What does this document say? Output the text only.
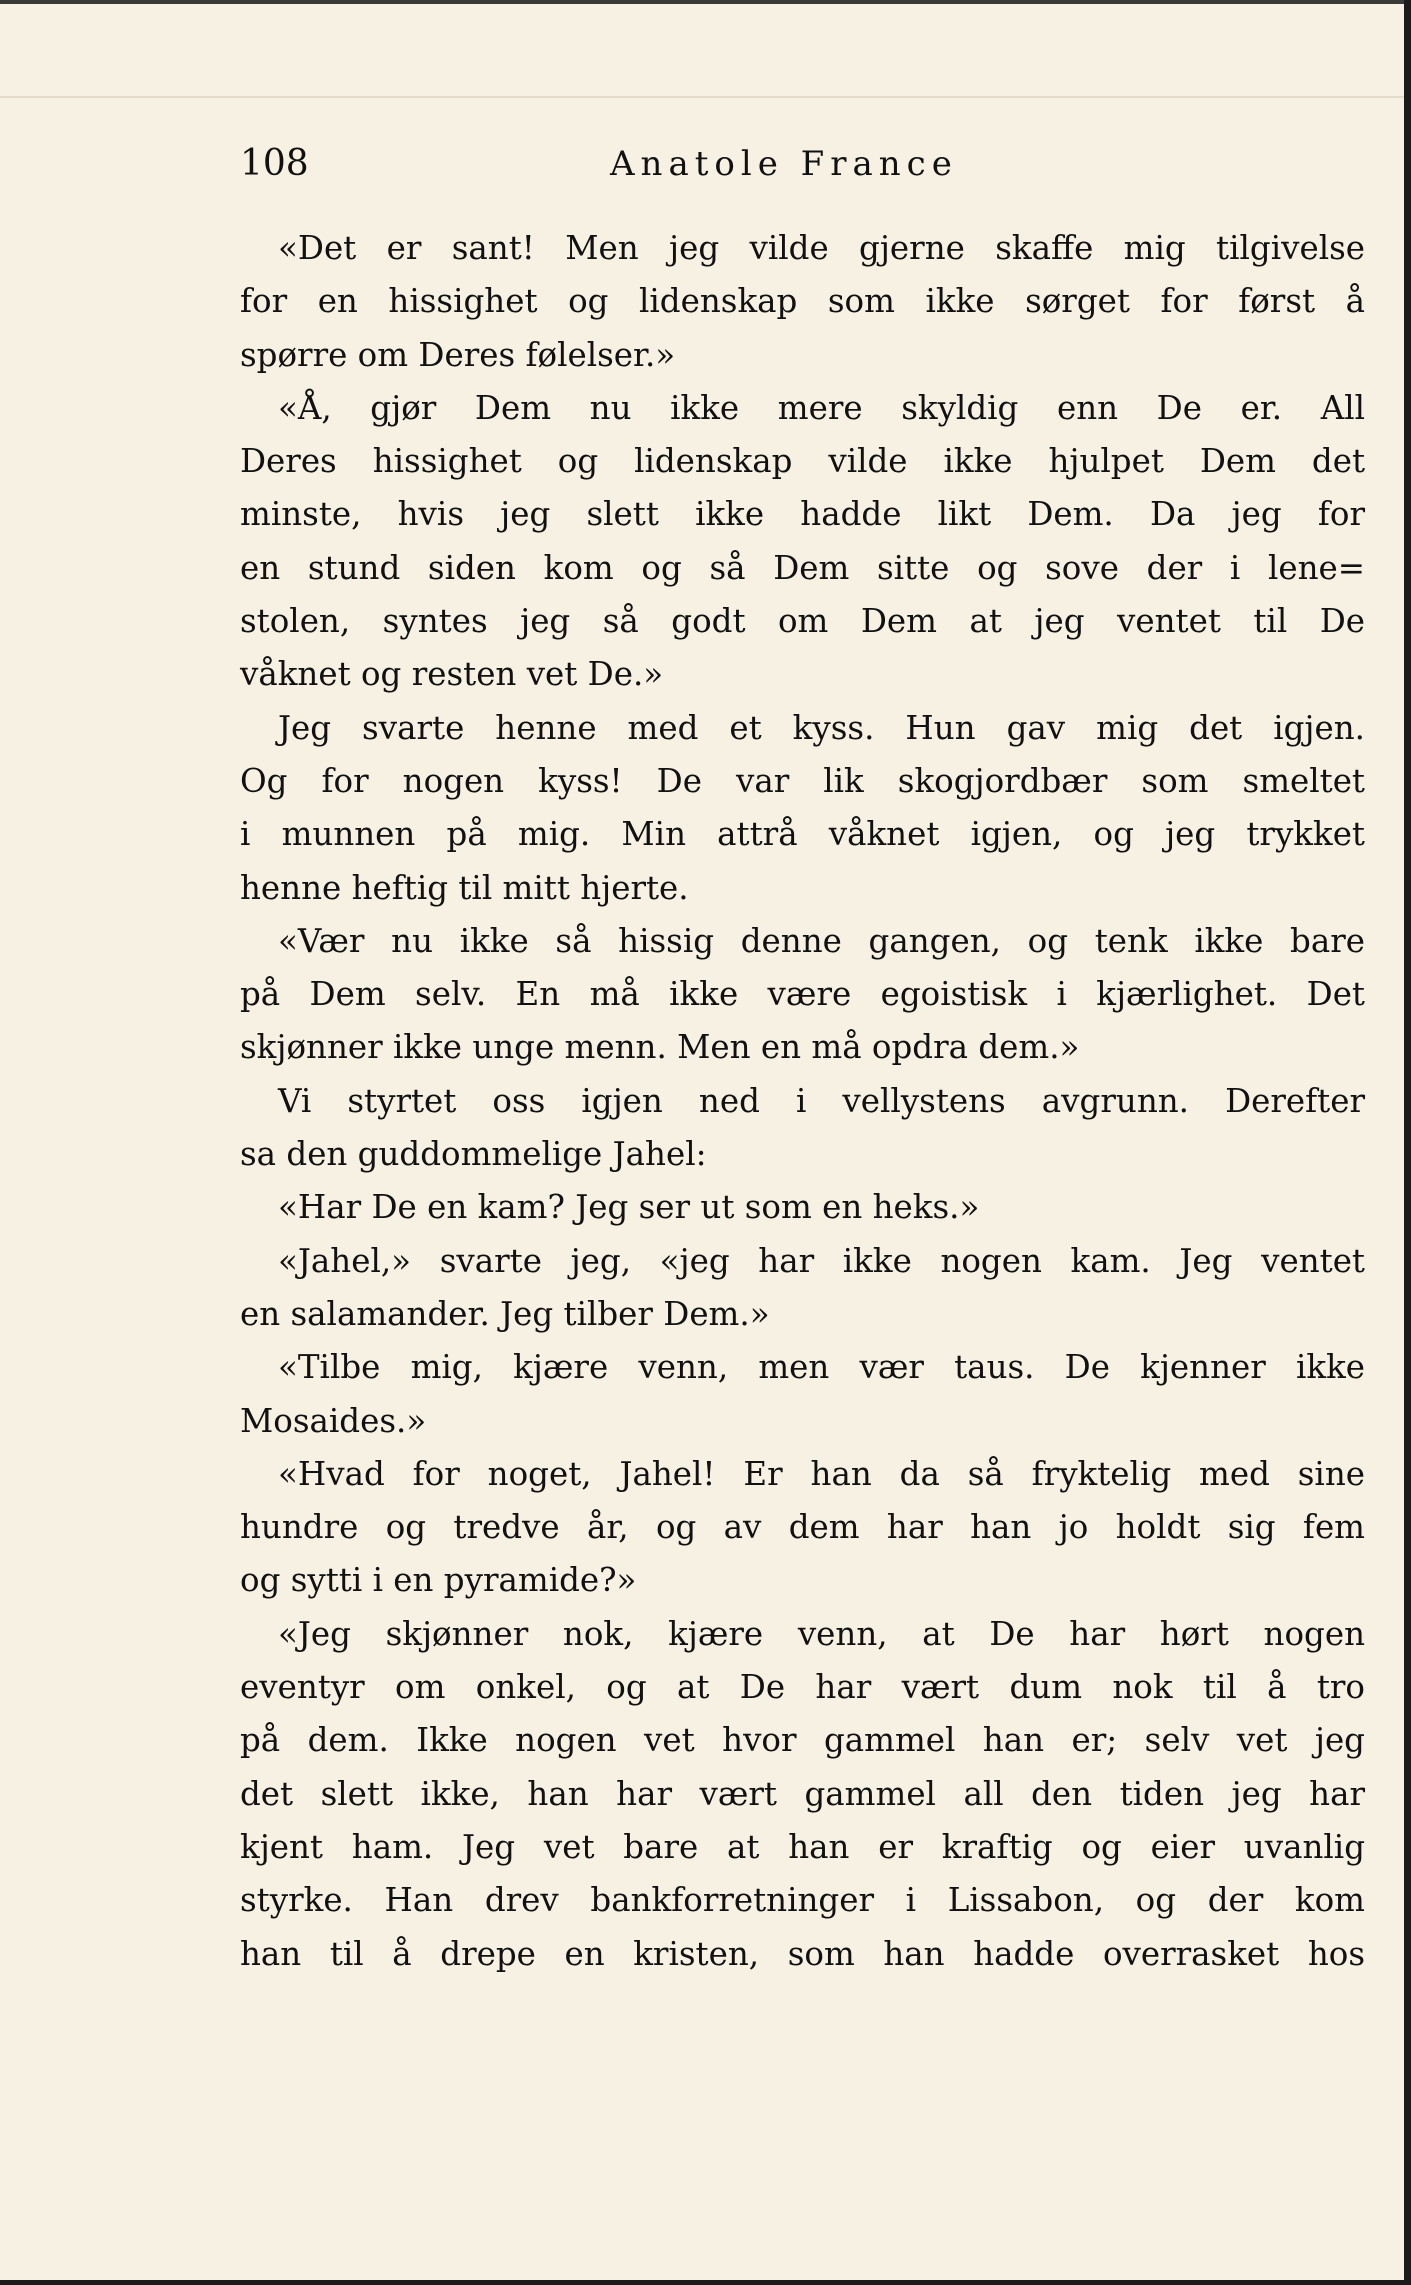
108	Anatole France
«Det er sant! Men jeg vilde gjerne skaffe mig tilgivelse
for en hissighet og lidenskap som ikke sørget for først å
spørre om Deres følelser.»
«Å, gjør Dem nu ikke mere skyldig enn De er. All
Deres hissighet og lidenskap vilde ikke hjulpet Dem det
minste, hvis jeg slett ikke hadde likt Dem. Da jeg for
en stund siden kom og så Dem sitte og sove der i lene=
stolen, syntes jeg så godt om Dem at jeg ventet til De
våknet og resten vet De.»
Jeg svarte henne med et kyss. Hun gav mig det igjen.
Og for nogen kyss! De var lik skogjordbær som smeltet
i munnen på mig. Min attrå våknet igjen, og jeg trykket
henne heftig til mitt hjerte.
«Vær nu ikke så hissig denne gangen, og tenk ikke bare
på Dem selv. En må ikke være egoistisk i kjærlighet. Det
skjønner ikke unge menn. Men en må opdra dem.»
Vi styrtet oss igjen ned i vellystens avgrunn. Derefter
sa den guddommelige Jahel:
«Har De en kam? Jeg ser ut som en heks.»
«Jahel,» svarte jeg, «jeg har ikke nogen kam. Jeg ventet
en salamander. Jeg tilber Dem.»
«Tilbe mig, kjære venn, men vær taus. De kjenner ikke
Mosaides.»
«Hvad for noget, Jahel! Er han da så fryktelig med sine
hundre og tredve år, og av dem har han jo holdt sig fem
og sytti i en pyramide?»
«Jeg skjønner nok, kjære venn, at De har hørt nogen
eventyr om onkel, og at De har vært dum nok til å tro
på dem. Ikke nogen vet hvor gammel han er; selv vet jeg
det slett ikke, han har vært gammel all den tiden jeg har
kjent ham. Jeg vet bare at han er kraftig og eier uvanlig
styrke. Han drev bankforretninger i Lissabon, og der kom
han til å drepe en kristen, som han hadde overrasket hos
